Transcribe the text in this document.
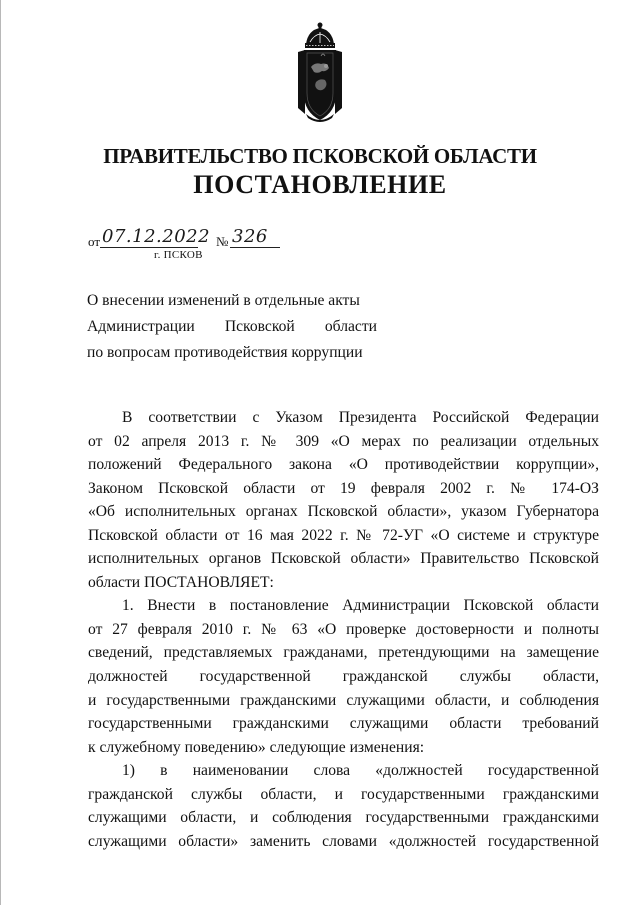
ПРАВИТЕЛЬСТВО ПСКОВСКОЙ ОБЛАСТИ
ПОСТАНОВЛЕНИЕ
от 07.12.2022 № 326
г. ПСКОВ
О внесении изменений в отдельные акты
Администрации Псковской области
по вопросам противодействия коррупции
В соответствии с Указом Президента Российской Федерации
от 02 апреля 2013 г. № 309 «О мерах по реализации отдельных
положений Федерального закона «О противодействии коррупции»,
Законом Псковской области от 19 февраля 2002 г. № 174-ОЗ
«Об исполнительных органах Псковской области», указом Губернатора
Псковской области от 16 мая 2022 г. № 72-УГ «О системе и структуре
исполнительных органов Псковской области» Правительство Псковской
области ПОСТАНОВЛЯЕТ:
1. Внести в постановление Администрации Псковской области
от 27 февраля 2010 г. № 63 «О проверке достоверности и полноты
сведений, представляемых гражданами, претендующими на замещение
должностей государственной гражданской службы области,
и государственными гражданскими служащими области, и соблюдения
государственными гражданскими служащими области требований
к служебному поведению» следующие изменения:
1) в наименовании слова «должностей государственной
гражданской службы области, и государственными гражданскими
служащими области, и соблюдения государственными гражданскими
служащими области» заменить словами «должностей государственной
